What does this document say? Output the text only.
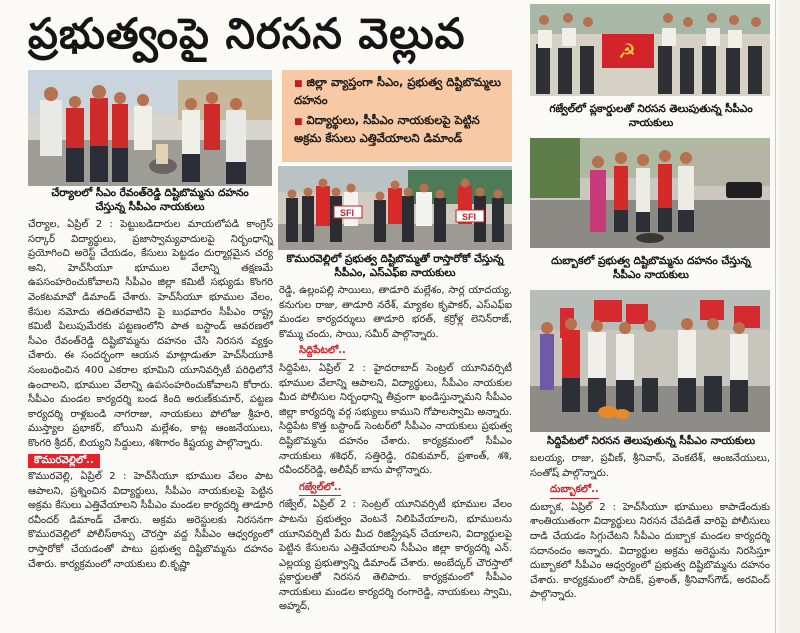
ప్రభుత్వంపై నిరసన వెల్లువ
చేర్యాలలో సీఎం రేవంత్‌రెడ్డి దిష్టిబొమ్మను దహనం చేస్తున్న సీపీఎం నాయకులు
■ జిల్లా వ్యాప్తంగా సీఎం, ప్రభుత్వ దిష్టిబొమ్మలు దహనం
■ విద్యార్థులు, సీపీఎం నాయకులపై పెట్టిన అక్రమ కేసులు ఎత్తివేయాలని డిమాండ్
SFI	SFI
కొమురవెల్లిలో ప్రభుత్వ దిష్టిబొమ్మతో రాస్తారోకో చేస్తున్న సీపీఎం, ఎస్‌ఎఫ్‌ఐ నాయకులు
☭
గజ్వేల్‌లో ప్లకార్డులతో నిరసన తెలుపుతున్న సీపీఎం నాయకులు
దుబ్బాకలో ప్రభుత్వ దిష్టిబొమ్మను దహనం చేస్తున్న సీపీఎం నాయకులు
సిద్దిపేటలో నిరసన తెలుపుతున్న సీపీఎం నాయకులు

చేర్యాల, ఏప్రిల్ 2 : పెట్టుబడిదారుల మాయలోపడి కాంగ్రెస్ సర్కార్ విద్యార్థులు, ప్రజాస్వామ్యవాదులపై నిర్బంధాన్ని ప్రయోగించి అరెస్ట్ చేయడం, కేసులు పెట్టడం దుర్మార్గమైన చర్య అని, హెచ్‌సీయూ భూముల వేలాన్ని తక్షణమే ఉపసంహరించుకోవాలని సీపీఎం జిల్లా కమిటీ సభ్యుడు కొంగరి వెంకటమావో డిమాండ్ చేశారు. హెచ్‌సీయూ భూముల వేలం, కేసుల నమోదు తదితరవాటిని పై బుధవారం సీపీఎం రాష్ట్ర కమిటీ పిలుపుమేరకు పట్టణంలోని పాత బస్టాండ్ ఆవరణలో సీఎం రేవంత్‌రెడ్డి దిష్టిబొమ్మను దహనం చేసి నిరసన వ్యక్తం చేశారు. ఈ సందర్భంగా ఆయన మాట్లాడుతూ హెచ్‌సీయూకి సంబంధించిన 400 ఎకరాల భూమిని యూనివర్సిటీ పరిధిలోనే ఉంచాలని, భూముల వేలాన్ని ఉపసంహరించుకోవాలని కోరారు. సీపీఎం మండల కార్యదర్శి బండ కింది అరుణ్‌కుమార్, పట్టణ కార్యదర్శి రాళ్లబండి నాగరాజు, నాయకులు పోలోజు శ్రీహరి, ముస్త్యాల ప్రభాకర్, బోయిని మల్లేశం, కాట్ల ఆంజనేయులు, కొంగరి శ్రీదర్, బియ్యని సిద్దులు, శశిగారం కిష్టయ్య పాల్గొన్నారు.

కొమురవెల్లిలో..

కొమురవెల్లి, ఏప్రిల్ 2 : హెచ్‌సీయూ భూముల వేలం పాట ఆపాలని, ప్రశ్నించిన విద్యార్థులు, సీపీఎం నాయకులపై పెట్టిన అక్రమ కేసులు ఎత్తివేయాలని సీపీఎం మండల కార్యదర్శి తాడూరి రవీందర్ డిమాండ్ చేశారు. అక్రమ అరెస్టులకు నిరసనగా కొమురవెల్లిలో పోలీస్‌ఠాన్పు చౌరస్తా వద్ద సీపీఎం ఆధ్వర్యంలో రాస్తారోకో చేయడంతో పాటు ప్రభుత్వ దిష్టిబొమ్మను దహనం చేశారు. కార్యక్రమంలో నాయకులు బి.కృష్ణా

రెడ్డి, ఉల్లంపల్లి సాయిలు, తాడూరి మల్లేశం, సార్ల యాదయ్య, కనుగుల రాజు, తాడూరి నరేశ్, మ్యాకల కృపాకర్, ఎస్‌ఎఫ్‌ఐ మండల కార్యదర్శులు తాడూరి భరత్, కర్రోళ్ల లెనిన్‌రాజ్, కొమ్ము చందు, సాయి, సమీర్ పాల్గొన్నారు.

సిద్దిపేటలో..

సిద్దిపేట, ఏప్రిల్ 2 : హైదరాబాద్ సెంట్రల్ యూనివర్సిటీ భూముల వేలాన్ని ఆపాలని, విద్యార్థులు, సీపీఎం నాయకుల మీద పోలీసుల నిర్బంధాన్ని తీవ్రంగా ఖండిస్తున్నామని సీపీఎం జిల్లా కార్యదర్శి వర్గ సభ్యులు కాముని గోపాలస్వామి అన్నారు. సిద్దిపేట కొత్త బస్టాండ్ సెంటర్‌లో సీపీఎం నాయకులు ప్రభుత్వ దిష్టిబొమ్మను దహనం చేశారు. కార్యక్రమంలో సీపీఎం నాయకులు శశిధర్, సత్తిరెడ్డి, రవికుమార్, ప్రశాంత్, శశి, రవీందర్‌రెడ్డి, అలీషేర్ బాను పాల్గొన్నారు.

గజ్వేల్‌లో..

గజ్వేల్, ఏప్రిల్ 2 : సెంట్రల్ యూనివర్సిటీ భూముల వేలం పాటను ప్రభుత్వం వెంటనే నిలిపివేయాలని, భూములను యూనివర్సిటీ పేరు మీద రిజిస్ట్రేషన్ చేయాలని, విద్యార్థులపై పెట్టిన కేసులను ఎత్తివేయాలని సీపీఎం జిల్లా కార్యదర్శి ఎన్. ఎల్లయ్య ప్రభుత్వాన్ని డిమాండ్ చేశారు. అంబేద్కర్ చౌరస్తాలో ప్లకార్డులతో నిరసన తెలిపారు. కార్యక్రమంలో సీపీఎం నాయకులు మండల కార్యదర్శి రంగారెడ్డి, నాయకులు స్వామి, అహ్మద్,

బలయ్య, రాజు, ప్రవీణ్, శ్రీనివాస్, వెంకటేశ్, ఆంజనేయులు, సంతోష్ పాల్గొన్నారు.

దుబ్బాకలో..

దుబ్బాక, ఏప్రిల్ 2 : హెచ్‌సీయూ భూములు కాపాడేందుకు శాంతియుతంగా విద్యార్థులు నిరసన చేపడితే వారిపై పోలీసులు దాడి చేయడం సిగ్గుచేటని సీపీఎం దుబ్బాక మండల కార్యదర్శి సదానందం అన్నారు. విద్యార్థుల అక్రమ అరెస్టును నిరసిస్తూ దుబ్బాకలో సీపీఎం ఆధ్వర్యంలో ప్రభుత్వ దిష్టిబొమ్మను దహనం చేశారు. కార్యక్రమంలో సాదిక్, ప్రశాంత్, శ్రీనివాస్‌గౌడ్, అరవింద్ పాల్గొన్నారు.
